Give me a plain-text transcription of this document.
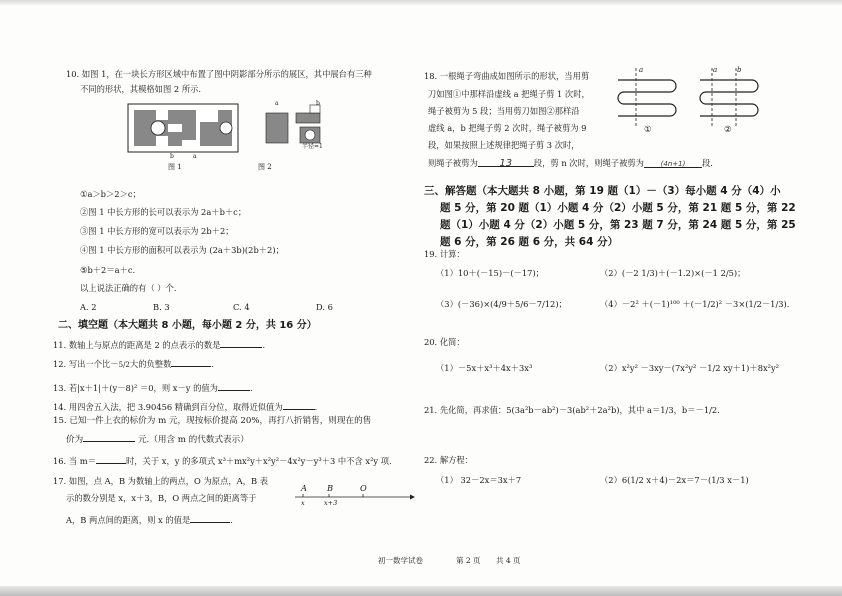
10. 如图 1，在一块长方形区域中布置了图中阴影部分所示的展区，其中展台有三种
不同的形状，其模格如图 2 所示.
b	a
图 1
a	b
半径=1
图 2
①a＞b＞2＞c；
②图 1 中长方形的长可以表示为 2a＋b＋c；
③图 1 中长方形的宽可以表示为 2b＋2；
④图 1 中长方形的面积可以表示为 (2a＋3b)(2b＋2)；
⑤b＋2＝a＋c.
以上说法正确的有（ ）个.
A. 2	B. 3	C. 4	D. 6
二、填空题（本大题共 8 小题，每小题 2 分，共 16 分）
11. 数轴上与原点的距离是 2 的点表示的数是	.
12. 写出一个比－5/2大的负整数	.
13. 若|x＋1|＋(y－8)² ＝0，则 x－y 的值为	.
14. 用四舍五入法，把 3.90456 精确到百分位，取得近似值为	.
15. 已知一件上衣的标价为 m 元，现按标价提高 20%，再打八折销售，则现在的售
价为	元.（用含 m 的代数式表示）
16. 当 m＝	时，关于 x，y 的多项式 x³＋mx²y＋x²y²－4x²y－y³＋3 中不含 x²y 项.
17. 如图，点 A，B 为数轴上的两点，O 为原点，A，B 表
示的数分别是 x，x＋3，B，O 两点之间的距离等于
A，B 两点间的距离，则 x 的值是	.
A B	O
x	x+3
18. 一根绳子弯曲成如图所示的形状，当用剪
刀如图①中那样沿虚线 a 把绳子剪 1 次时，
绳子被剪为 5 段；当用剪刀如图②那样沿
虚线 a，b 把绳子剪 2 次时，绳子被剪为 9
段，如果按照上述规律把绳子剪 3 次时，
则绳子被剪为 13	段，剪 n 次时，则绳子被剪为 (4n+1) 段.
a
①
a	b
②
三、解答题（本大题共 8 小题，第 19 题（1）－（3）每小题 4 分（4）小
题 5 分，第 20 题（1）小题 4 分（2）小题 5 分，第 21 题 5 分，第 22
题（1）小题 4 分（2）小题 5 分，第 23 题 7 分，第 24 题 5 分，第 25
题 6 分，第 26 题 6 分，共 64 分）
19. 计算：
（1）10＋(－15)－(－17)；	（2）(－2 1/3)＋(－1.2)×(－1 2/5)；
（3）(－36)×(4/9＋5/6－7/12)；	（4）－2² ＋(－1)¹⁰⁰ ＋(－1/2)² －3×(1/2－1/3).
20. 化简：
（1）－5x＋x³＋4x＋3x³	（2）x²y² －3xy－(7x²y² －1/2 xy＋1)＋8x²y²
21. 先化简，再求值：5(3a²b－ab²)－3(ab²＋2a²b)，其中 a＝1/3，b＝－1/2.
22. 解方程：
（1） 32－2x＝3x＋7	（2）6(1/2 x＋4)－2x＝7－(1/3 x－1)
初一数学试卷	第 2 页 共 4 页
